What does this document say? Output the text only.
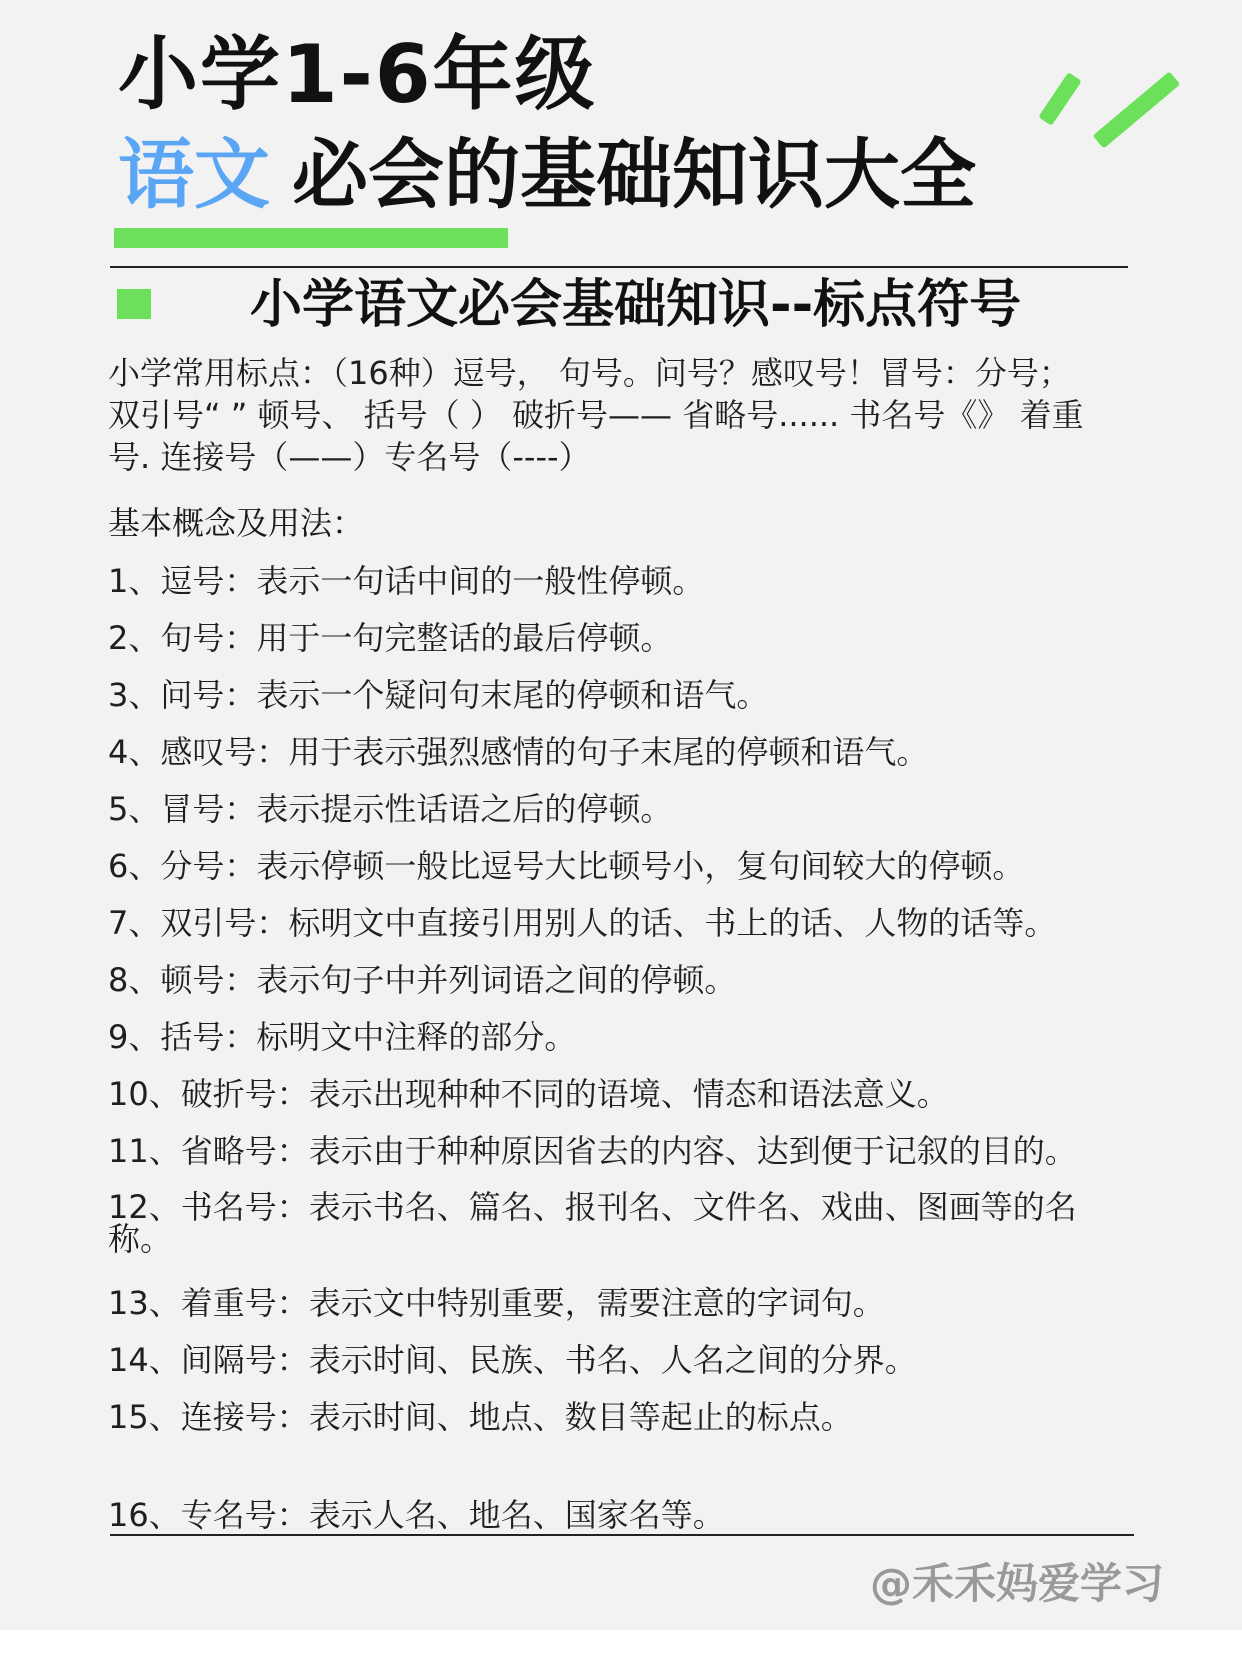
小学1-6年级
语文 必会的基础知识大全
小学语文必会基础知识--标点符号
小学常用标点：（16种）逗号， 句号。问号？感叹号！冒号：分号；
双引号“ ” 顿号、 括号（ ） 破折号—— 省略号...... 书名号《》 着重
号. 连接号（——）专名号（----）
基本概念及用法：
1、逗号：表示一句话中间的一般性停顿。
2、句号：用于一句完整话的最后停顿。
3、问号：表示一个疑问句末尾的停顿和语气。
4、感叹号：用于表示强烈感情的句子末尾的停顿和语气。
5、冒号：表示提示性话语之后的停顿。
6、分号：表示停顿一般比逗号大比顿号小，复句间较大的停顿。
7、双引号：标明文中直接引用别人的话、书上的话、人物的话等。
8、顿号：表示句子中并列词语之间的停顿。
9、括号：标明文中注释的部分。
10、破折号：表示出现种种不同的语境、情态和语法意义。
11、省略号：表示由于种种原因省去的内容、达到便于记叙的目的。
12、书名号：表示书名、篇名、报刊名、文件名、戏曲、图画等的名称。
13、着重号：表示文中特别重要，需要注意的字词句。
14、间隔号：表示时间、民族、书名、人名之间的分界。
15、连接号：表示时间、地点、数目等起止的标点。
16、专名号：表示人名、地名、国家名等。
@禾禾妈爱学习
